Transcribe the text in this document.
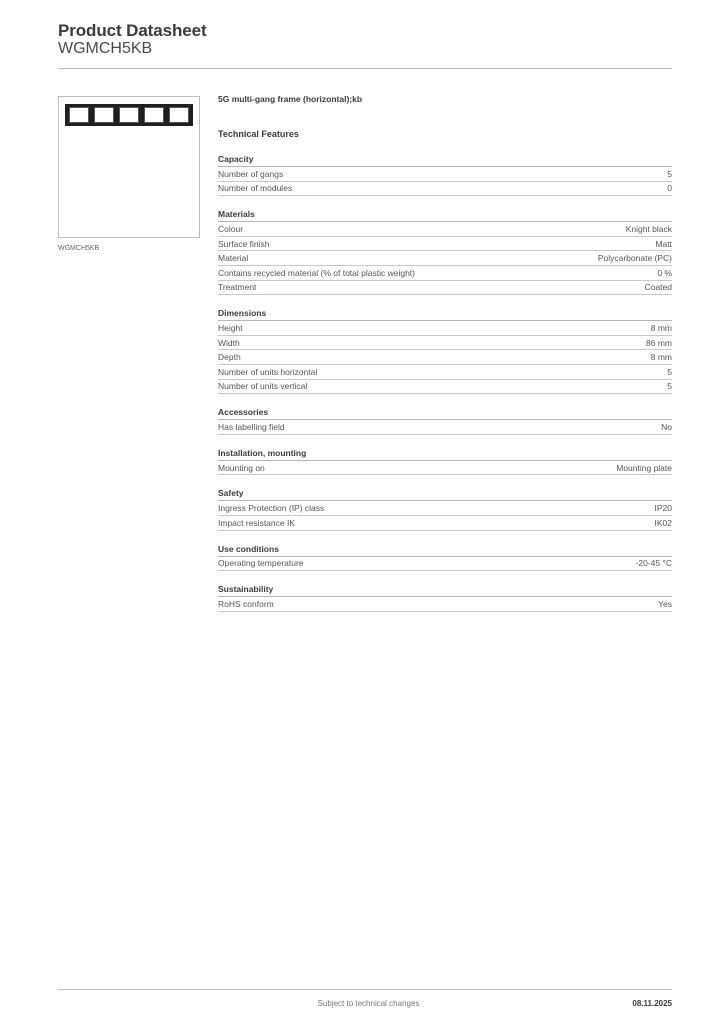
Product Datasheet
WGMCH5KB
WGMCH5KB
5G multi-gang frame (horizontal);kb
Technical Features
Capacity
Number of gangs	5
Number of modules	0
Materials
Colour	Knight black
Surface finish	Matt
Material	Polycarbonate (PC)
Contains recycled material (% of total plastic weight)	0 %
Treatment	Coated
Dimensions
Height	8 mm
Width	86 mm
Depth	8 mm
Number of units horizontal	5
Number of units vertical	5
Accessories
Has labelling field	No
Installation, mounting
Mounting on	Mounting plate
Safety
Ingress Protection (IP) class	IP20
Impact resistance IK	IK02
Use conditions
Operating temperature	-20-45 °C
Sustainability
RoHS conform	Yes
Subject to technical changes	08.11.2025
